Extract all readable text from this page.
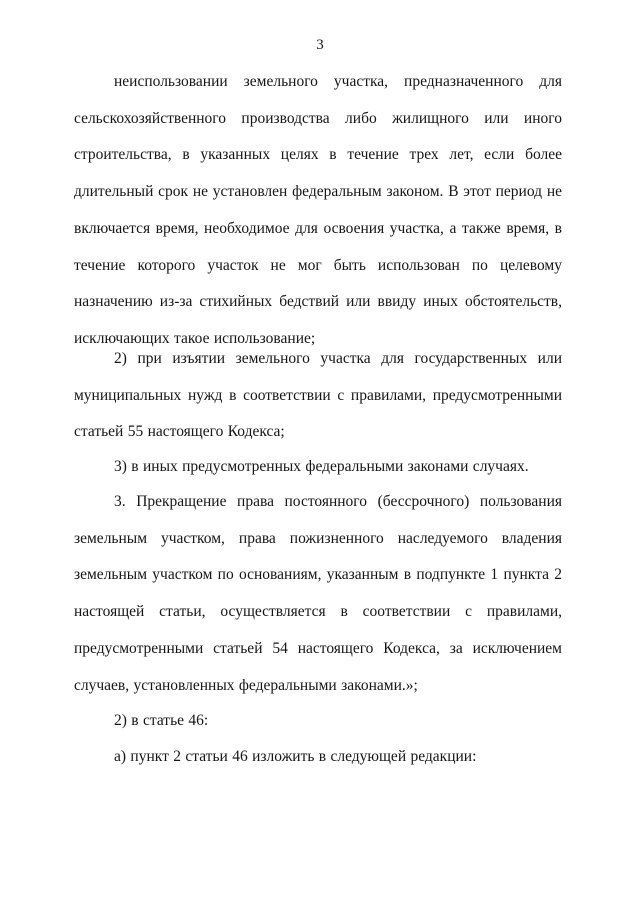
3

неиспользовании земельного участка, предназначенного для сельскохозяйственного производства либо жилищного или иного строительства, в указанных целях в течение трех лет, если более длительный срок не установлен федеральным законом. В этот период не включается время, необходимое для освоения участка, а также время, в течение которого участок не мог быть использован по целевому назначению из-за стихийных бедствий или ввиду иных обстоятельств, исключающих такое использование;

2) при изъятии земельного участка для государственных или муниципальных нужд в соответствии с правилами, предусмотренными статьей 55 настоящего Кодекса;

3) в иных предусмотренных федеральными законами случаях.

3. Прекращение права постоянного (бессрочного) пользования земельным участком, права пожизненного наследуемого владения земельным участком по основаниям, указанным в подпункте 1 пункта 2 настоящей статьи, осуществляется в соответствии с правилами, предусмотренными статьей 54 настоящего Кодекса, за исключением случаев, установленных федеральными законами.»;

2) в статье 46:

а) пункт 2 статьи 46 изложить в следующей редакции:
